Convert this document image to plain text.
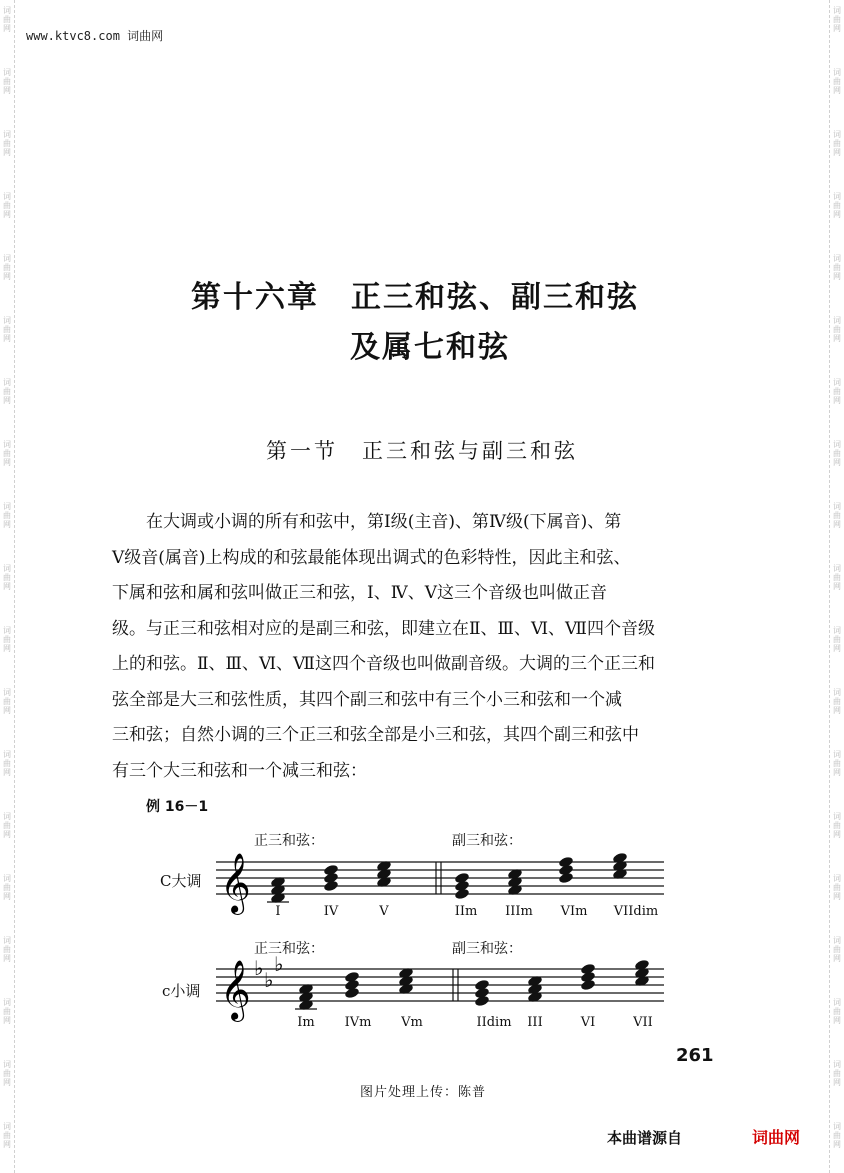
词
曲
网
词
曲
网
词
曲
网
词
曲
网
词
曲
网
词
曲
网
词
曲
网
词
曲
网
词
曲
网
词
曲
网
词
曲
网
词
曲
网
词
曲
网
词
曲
网
词
曲
网
词
曲
网
词
曲
网
词
曲
网
词
曲
网
词
曲
网
词
曲
网
词
曲
网
词
曲
网
词
曲
网
词
曲
网
词
曲
网
词
曲
网
词
曲
网
词
曲
网
词
曲
网
词
曲
网
词
曲
网
词
曲
网
词
曲
网
词
曲
网
词
曲
网
词
曲
网
词
曲
网
www.ktvc8.com 词曲网
第十六章　正三和弦、副三和弦
及属七和弦
第一节　正三和弦与副三和弦
　　在大调或小调的所有和弦中，第Ⅰ级(主音)、第Ⅳ级(下属音)、第
Ⅴ级音(属音)上构成的和弦最能体现出调式的色彩特性，因此主和弦、
下属和弦和属和弦叫做正三和弦，Ⅰ、Ⅳ、Ⅴ这三个音级也叫做正音
级。与正三和弦相对应的是副三和弦，即建立在Ⅱ、Ⅲ、Ⅵ、Ⅶ四个音级
上的和弦。Ⅱ、Ⅲ、Ⅵ、Ⅶ这四个音级也叫做副音级。大调的三个正三和
弦全部是大三和弦性质，其四个副三和弦中有三个小三和弦和一个减
三和弦；自然小调的三个正三和弦全部是小三和弦，其四个副三和弦中
有三个大三和弦和一个减三和弦：
例 16－1
C大调
正三和弦：	副三和弦：
I	IV	V	IIm	IIIm	VIm	VIIdim
c小调
正三和弦：	副三和弦：
Im	IVm	Vm	IIdim	III	VI	VII
𝄞
𝄞 ♭ ♭
♭
261
图片处理上传：陈普
本曲谱源自	词曲网
